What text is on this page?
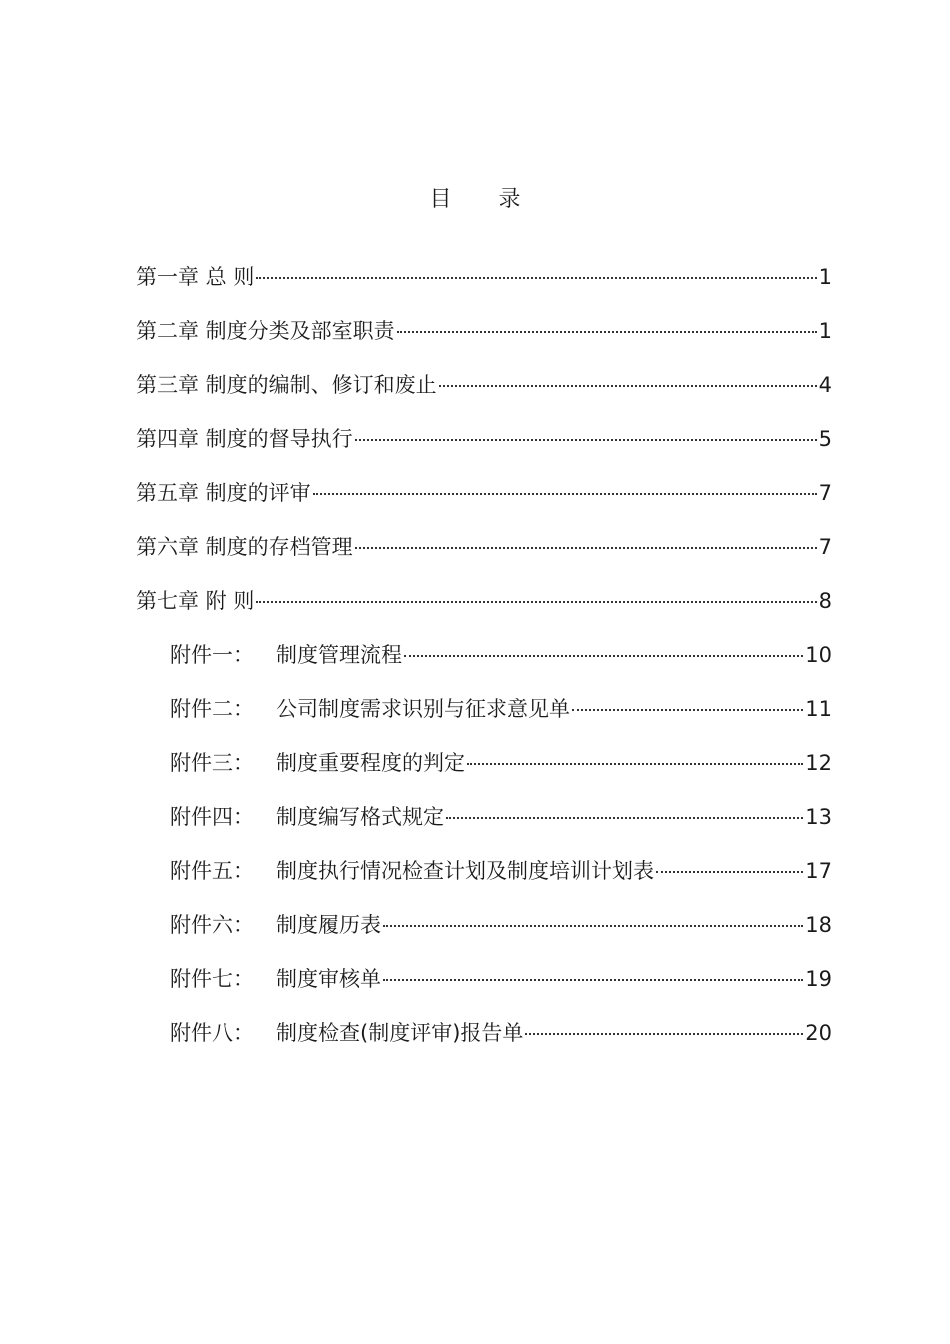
目 录
第一章 总 则	1
第二章 制度分类及部室职责	1
第三章 制度的编制、修订和废止	4
第四章 制度的督导执行	5
第五章 制度的评审	7
第六章 制度的存档管理	7
第七章 附 则	8
附件一： 制度管理流程	10
附件二： 公司制度需求识别与征求意见单	11
附件三： 制度重要程度的判定	12
附件四： 制度编写格式规定	13
附件五： 制度执行情况检查计划及制度培训计划表	17
附件六： 制度履历表	18
附件七： 制度审核单	19
附件八： 制度检查(制度评审)报告单	20
